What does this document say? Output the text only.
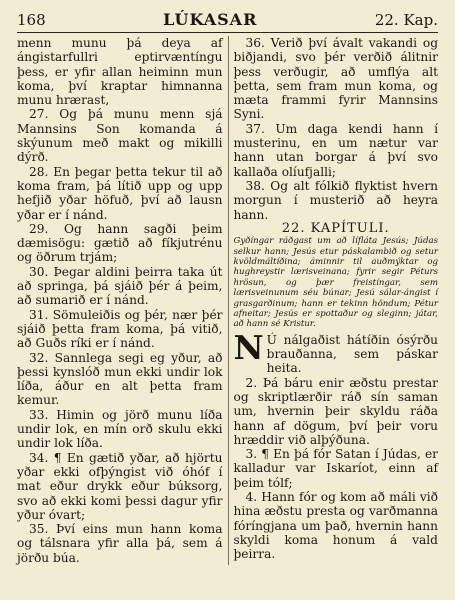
168	LÚKASAR	22. Kap.

menn munu þá deya af ángistarfullri eptirvæntíngu þess, er yfir allan heiminn mun koma, því kraptar himnanna munu hrærast,

27. Og þá munu menn sjá Mannsins Son komanda á skýunum með makt og mikilli dýrð.

28. En þegar þetta tekur til að koma fram, þá lítið upp og upp hefjið yðar höfuð, því að lausn yðar er í nánd.

29. Og hann sagði þeim dæmisögu: gætið að fíkjutrénu og öðrum trjám;

30. Þegar aldini þeirra taka út að springa, þá sjáið þér á þeim, að sumarið er í nánd.

31. Sömuleiðis og þér, nær þér sjáið þetta fram koma, þá vitið, að Guðs ríki er í nánd.

32. Sannlega segi eg yður, að þessi kynslóð mun ekki undir lok líða, áður en alt þetta fram kemur.

33. Himin og jörð munu líða undir lok, en mín orð skulu ekki undir lok líða.

34. ¶ En gætið yðar, að hjörtu yðar ekki ofþýngist við óhóf í mat eður drykk eður búksorg, svo að ekki komi þessi dagur yfir yður óvart;

35. Því eins mun hann koma og tálsnara yfir alla þá, sem á jörðu búa.

36. Verið því ávalt vakandi og biðjandi, svo þér verðið álitnir þess verðugir, að umflýa alt þetta, sem fram mun koma, og mæta frammi fyrir Mannsins Syni.

37. Um daga kendi hann í musterinu, en um nætur var hann utan borgar á því svo kallaða olíufjalli;

38. Og alt fólkið flyktist hvern morgun í musterið að heyra hann.

22. KAPÍTULI.

Gyðíngar ráðgast um að lífláta Jesús; Júdas selkur hann; Jesús etur páskalambið og setur kvöldmáltíðina; áminnir til auðmýktar og hughreystir lærisveinana; fyrir segir Péturs hrösun, og þær freistíngar, sem lærisveinunum séu búnar; Jesú sálar-ángist í grasgarðinum; hann er tekinn höndum; Pétur afneitar; Jesús er spottaður og sleginn; játar, að hann sé Kristur.

N Ú nálgaðist hátíðin ósýrðu brauðanna, sem páskar heita.

2. Þá báru enir æðstu prestar og skriptlærðir ráð sín saman um, hvernin þeir skyldu ráða hann af dögum, því þeir voru hræddir við alþýðuna.

3. ¶ En þá fór Satan í Júdas, er kalladur var Iskaríot, einn af þeim tólf;

4. Hann fór og kom að máli við hina æðstu presta og varðmanna fóríngjana um það, hvernin hann skyldi koma honum á vald þeirra.
